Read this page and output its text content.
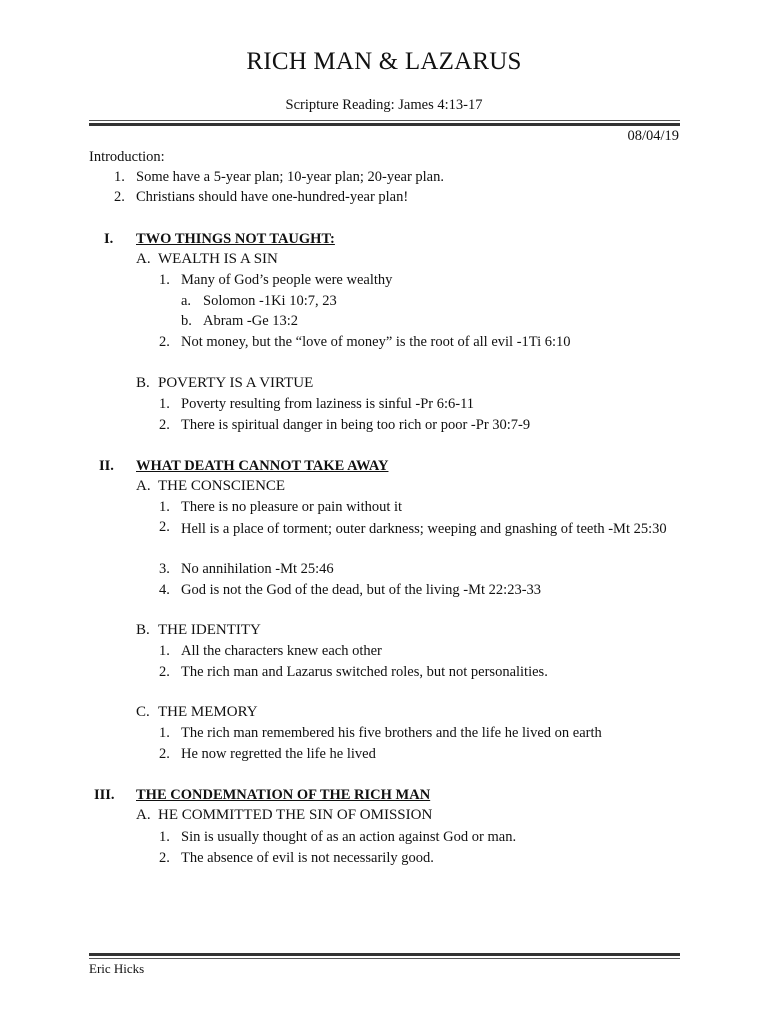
RICH MAN & LAZARUS
Scripture Reading: James 4:13-17
08/04/19
Introduction:
1. Some have a 5-year plan; 10-year plan; 20-year plan.
2. Christians should have one-hundred-year plan!
I. TWO THINGS NOT TAUGHT:
A. WEALTH IS A SIN
1. Many of God’s people were wealthy
a. Solomon -1Ki 10:7, 23
b. Abram -Ge 13:2
2. Not money, but the “love of money” is the root of all evil -1Ti 6:10
B. POVERTY IS A VIRTUE
1. Poverty resulting from laziness is sinful -Pr 6:6-11
2. There is spiritual danger in being too rich or poor -Pr 30:7-9
II. WHAT DEATH CANNOT TAKE AWAY
A. THE CONSCIENCE
1. There is no pleasure or pain without it
2. Hell is a place of torment; outer darkness; weeping and gnashing of teeth -Mt 25:30
3. No annihilation -Mt 25:46
4. God is not the God of the dead, but of the living -Mt 22:23-33
B. THE IDENTITY
1. All the characters knew each other
2. The rich man and Lazarus switched roles, but not personalities.
C. THE MEMORY
1. The rich man remembered his five brothers and the life he lived on earth
2. He now regretted the life he lived
III. THE CONDEMNATION OF THE RICH MAN
A. HE COMMITTED THE SIN OF OMISSION
1. Sin is usually thought of as an action against God or man.
2. The absence of evil is not necessarily good.
Eric Hicks
